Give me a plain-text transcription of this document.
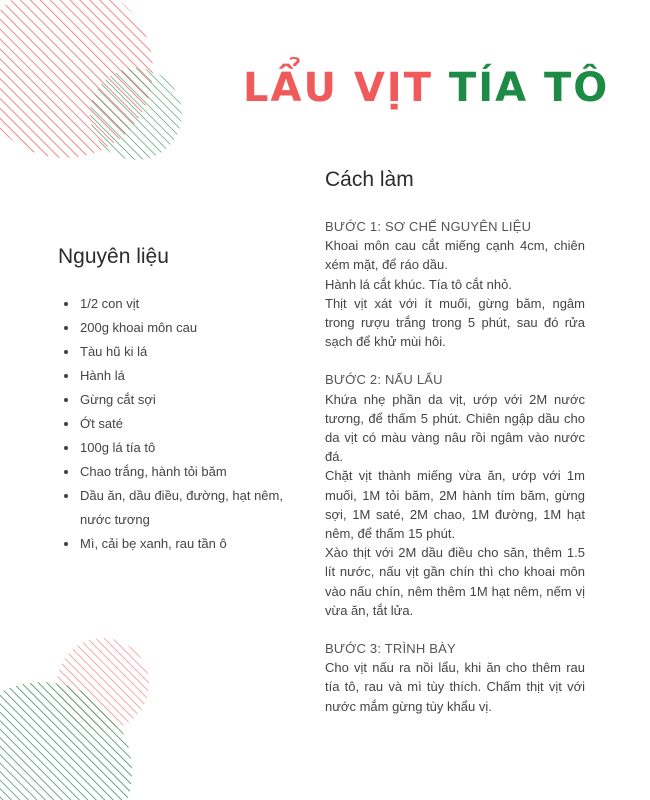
LẨU VỊT TÍA TÔ
Nguyên liệu
1/2 con vịt
200g khoai môn cau
Tàu hũ ki lá
Hành lá
Gừng cắt sợi
Ớt saté
100g lá tía tô
Chao trắng, hành tỏi băm
Dầu ăn, dầu điều, đường, hạt nêm, nước tương
Mì, cải bẹ xanh, rau tần ô
Cách làm
BƯỚC 1: SƠ CHẾ NGUYÊN LIỆU

Khoai môn cau cắt miếng cạnh 4cm, chiên xém mặt, để ráo dầu.

Hành lá cắt khúc. Tía tô cắt nhỏ.

Thịt vịt xát với ít muối, gừng băm, ngâm trong rượu trắng trong 5 phút, sau đó rửa sạch để khử mùi hôi.

BƯỚC 2: NẤU LẨU

Khứa nhẹ phần da vịt, ướp với 2M nước tương, để thấm 5 phút. Chiên ngập dầu cho da vịt có màu vàng nâu rồi ngâm vào nước đá.

Chặt vịt thành miếng vừa ăn, ướp với 1m muối, 1M tỏi băm, 2M hành tím băm, gừng sợi, 1M saté, 2M chao, 1M đường, 1M hạt nêm, để thấm 15 phút.

Xào thịt với 2M dầu điều cho săn, thêm 1.5 lít nước, nấu vịt gần chín thì cho khoai môn vào nấu chín, nêm thêm 1M hạt nêm, nếm vị vừa ăn, tắt lửa.

BƯỚC 3: TRÌNH BÀY

Cho vịt nấu ra nồi lẩu, khi ăn cho thêm rau tía tô, rau và mì tùy thích. Chấm thịt vịt với nước mắm gừng tùy khẩu vị.
